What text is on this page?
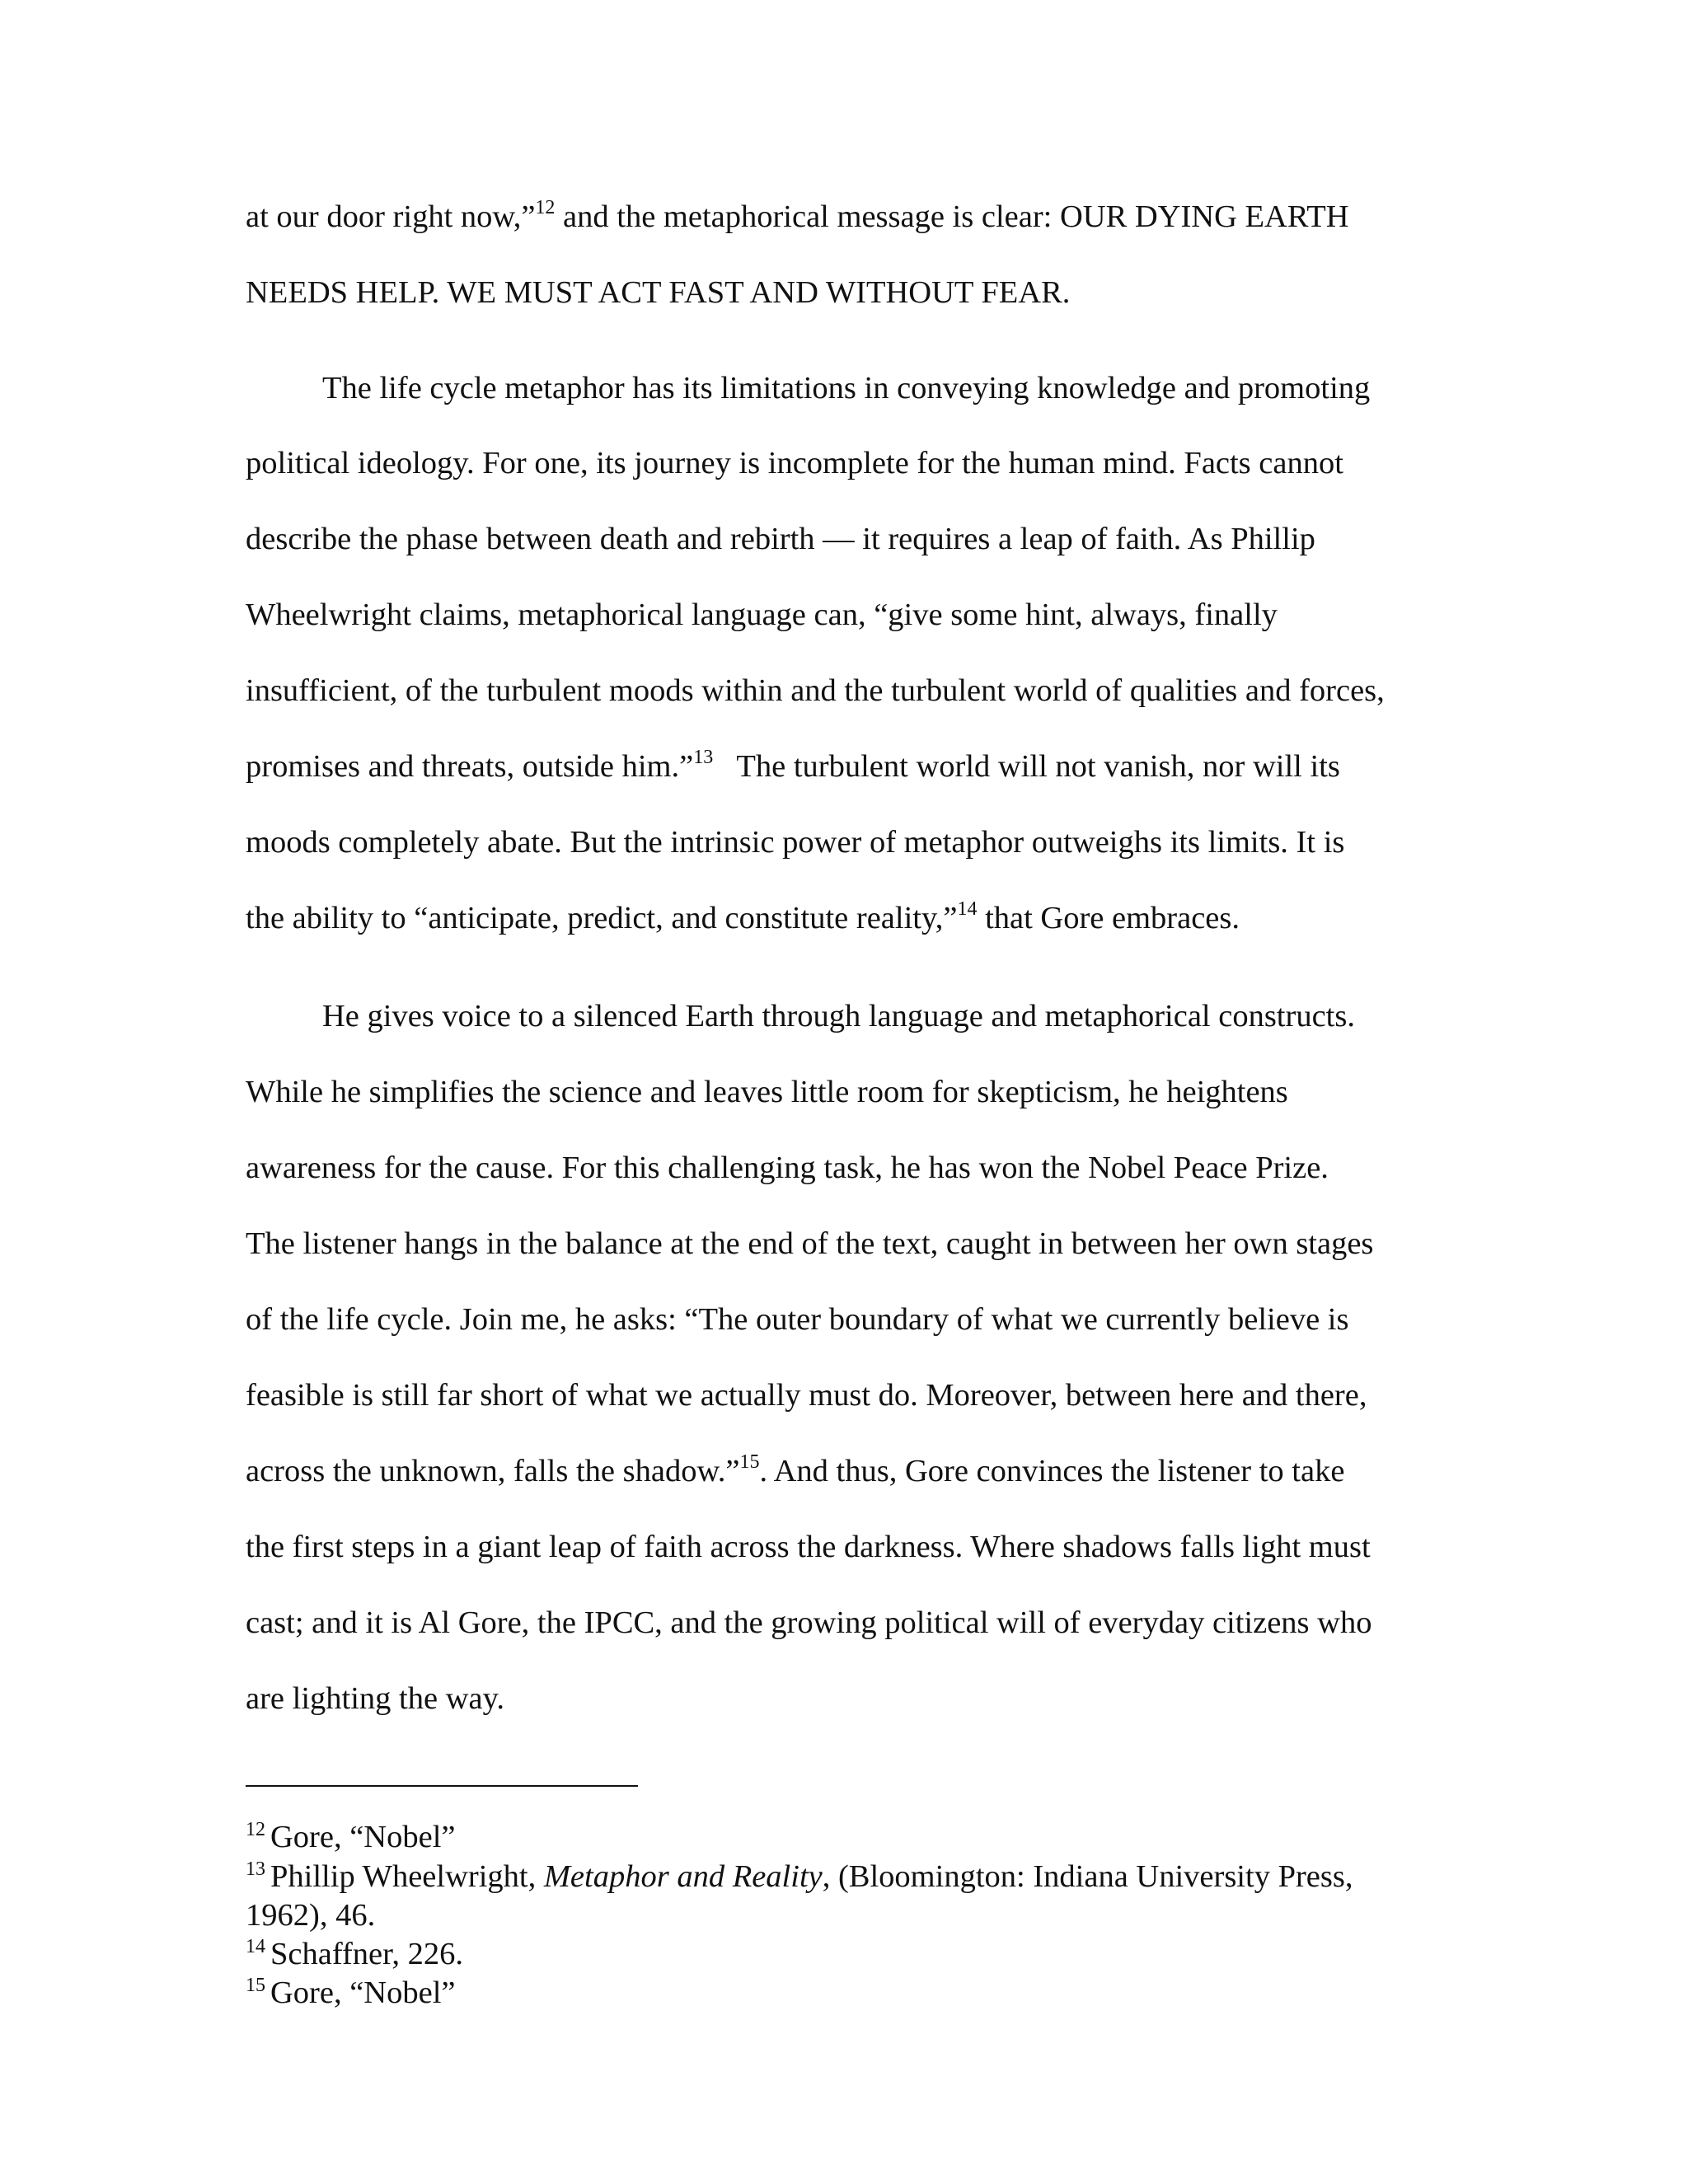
at our door right now,”$^{12}$ and the metaphorical message is clear: OUR DYING EARTH

NEEDS HELP. WE MUST ACT FAST AND WITHOUT FEAR.

The life cycle metaphor has its limitations in conveying knowledge and promoting

political ideology. For one, its journey is incomplete for the human mind. Facts cannot

describe the phase between death and rebirth — it requires a leap of faith. As Phillip

Wheelwright claims, metaphorical language can, “give some hint, always, finally

insufficient, of the turbulent moods within and the turbulent world of qualities and forces,

promises and threats, outside him.”$^{13}$   The turbulent world will not vanish, nor will its

moods completely abate. But the intrinsic power of metaphor outweighs its limits. It is

the ability to “anticipate, predict, and constitute reality,”$^{14}$ that Gore embraces.

He gives voice to a silenced Earth through language and metaphorical constructs.

While he simplifies the science and leaves little room for skepticism, he heightens

awareness for the cause. For this challenging task, he has won the Nobel Peace Prize.

The listener hangs in the balance at the end of the text, caught in between her own stages

of the life cycle. Join me, he asks: “The outer boundary of what we currently believe is

feasible is still far short of what we actually must do. Moreover, between here and there,

across the unknown, falls the shadow.”$^{15}$. And thus, Gore convinces the listener to take

the first steps in a giant leap of faith across the darkness. Where shadows falls light must

cast; and it is Al Gore, the IPCC, and the growing political will of everyday citizens who

are lighting the way.

$^{12}$ Gore, “Nobel”
$^{13}$ Phillip Wheelwright, Metaphor and Reality, (Bloomington: Indiana University Press,
1962), 46.
$^{14}$ Schaffner, 226.
$^{15}$ Gore, “Nobel”
